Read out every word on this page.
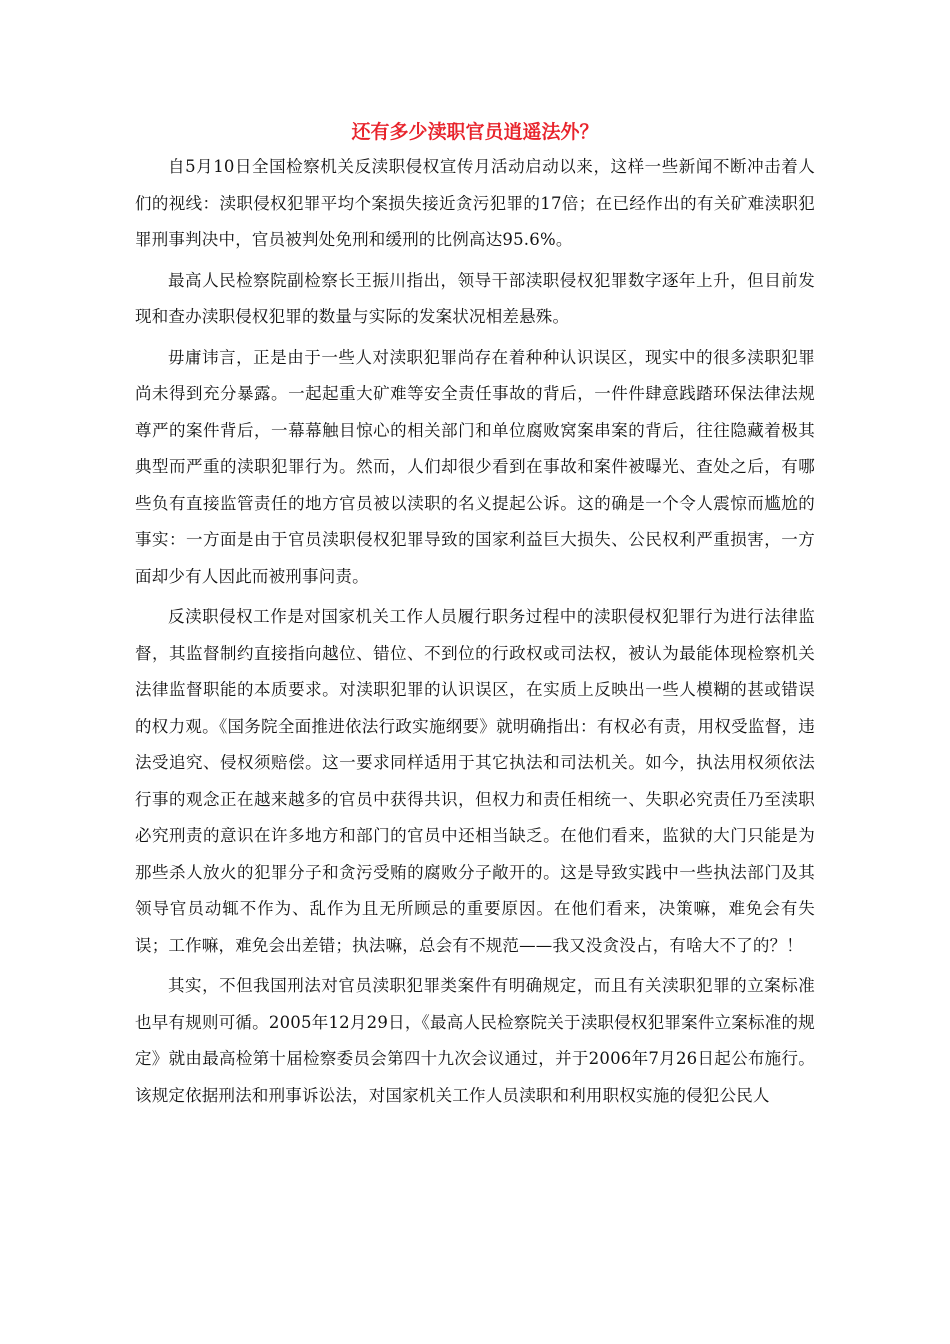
还有多少渎职官员逍遥法外？

自5月10日全国检察机关反渎职侵权宣传月活动启动以来，这样一些新闻不断冲击着人们的视线：渎职侵权犯罪平均个案损失接近贪污犯罪的17倍；在已经作出的有关矿难渎职犯罪刑事判决中，官员被判处免刑和缓刑的比例高达95.6%。

最高人民检察院副检察长王振川指出，领导干部渎职侵权犯罪数字逐年上升，但目前发现和查办渎职侵权犯罪的数量与实际的发案状况相差悬殊。

毋庸讳言，正是由于一些人对渎职犯罪尚存在着种种认识误区，现实中的很多渎职犯罪尚未得到充分暴露。一起起重大矿难等安全责任事故的背后，一件件肆意践踏环保法律法规尊严的案件背后，一幕幕触目惊心的相关部门和单位腐败窝案串案的背后，往往隐藏着极其典型而严重的渎职犯罪行为。然而，人们却很少看到在事故和案件被曝光、查处之后，有哪些负有直接监管责任的地方官员被以渎职的名义提起公诉。这的确是一个令人震惊而尴尬的事实：一方面是由于官员渎职侵权犯罪导致的国家利益巨大损失、公民权利严重损害，一方面却少有人因此而被刑事问责。

反渎职侵权工作是对国家机关工作人员履行职务过程中的渎职侵权犯罪行为进行法律监督，其监督制约直接指向越位、错位、不到位的行政权或司法权，被认为最能体现检察机关法律监督职能的本质要求。对渎职犯罪的认识误区，在实质上反映出一些人模糊的甚或错误的权力观。《国务院全面推进依法行政实施纲要》就明确指出：有权必有责，用权受监督，违法受追究、侵权须赔偿。这一要求同样适用于其它执法和司法机关。如今，执法用权须依法行事的观念正在越来越多的官员中获得共识，但权力和责任相统一、失职必究责任乃至渎职必究刑责的意识在许多地方和部门的官员中还相当缺乏。在他们看来，监狱的大门只能是为那些杀人放火的犯罪分子和贪污受贿的腐败分子敞开的。这是导致实践中一些执法部门及其领导官员动辄不作为、乱作为且无所顾忌的重要原因。在他们看来，决策嘛，难免会有失误；工作嘛，难免会出差错；执法嘛，总会有不规范——我又没贪没占，有啥大不了的？！

其实，不但我国刑法对官员渎职犯罪类案件有明确规定，而且有关渎职犯罪的立案标准也早有规则可循。2005年12月29日，《最高人民检察院关于渎职侵权犯罪案件立案标准的规定》就由最高检第十届检察委员会第四十九次会议通过，并于2006年7月26日起公布施行。该规定依据刑法和刑事诉讼法，对国家机关工作人员渎职和利用职权实施的侵犯公民人
